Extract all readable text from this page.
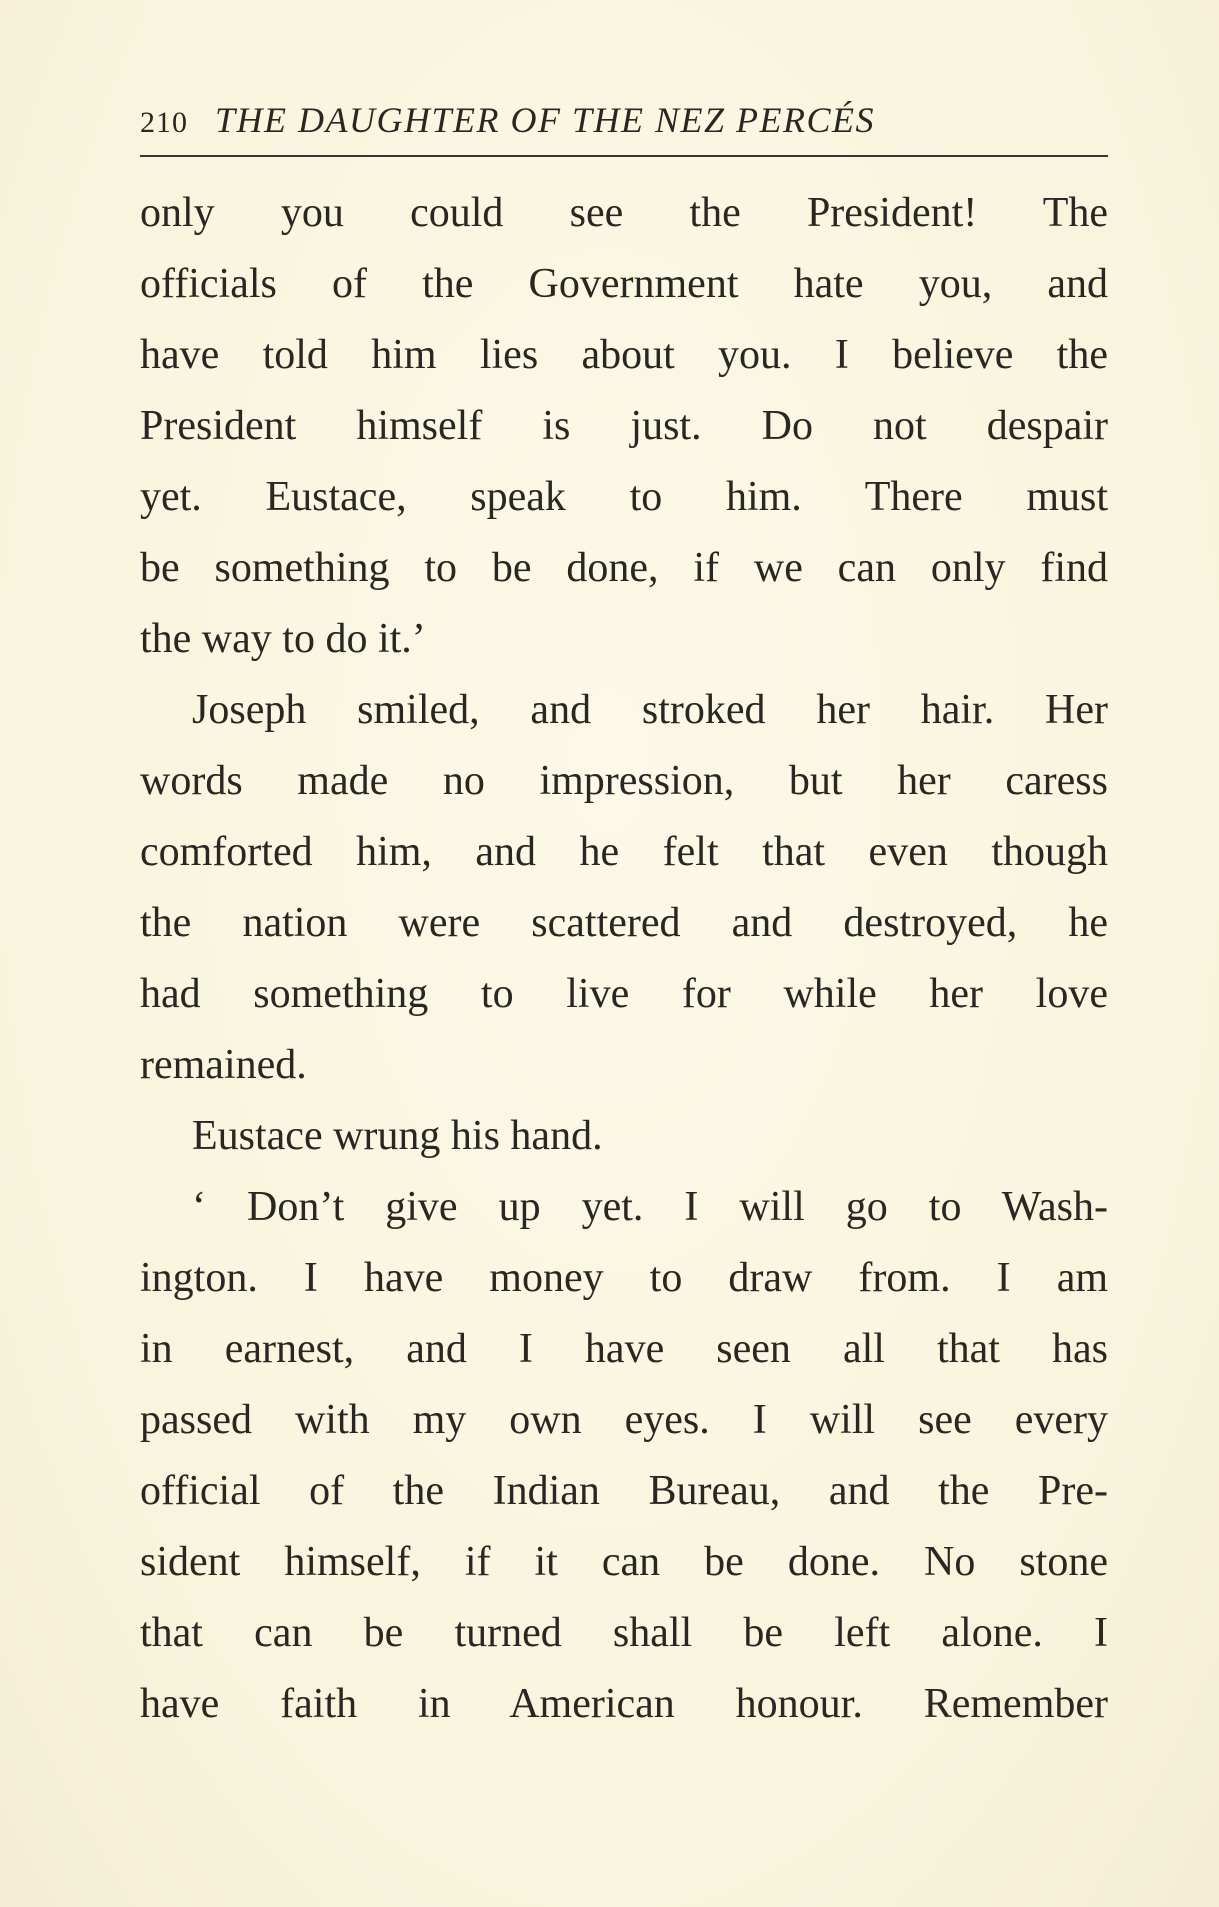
210 THE DAUGHTER OF THE NEZ PERCÉS
only you could see the President! The
officials of the Government hate you, and
have told him lies about you. I believe the
President himself is just. Do not despair
yet. Eustace, speak to him. There must
be something to be done, if we can only find
the way to do it.’
Joseph smiled, and stroked her hair. Her
words made no impression, but her caress
comforted him, and he felt that even though
the nation were scattered and destroyed, he
had something to live for while her love
remained.
Eustace wrung his hand.
‘ Don’t give up yet. I will go to Wash-
ington. I have money to draw from. I am
in earnest, and I have seen all that has
passed with my own eyes. I will see every
official of the Indian Bureau, and the Pre-
sident himself, if it can be done. No stone
that can be turned shall be left alone. I
have faith in American honour. Remember
